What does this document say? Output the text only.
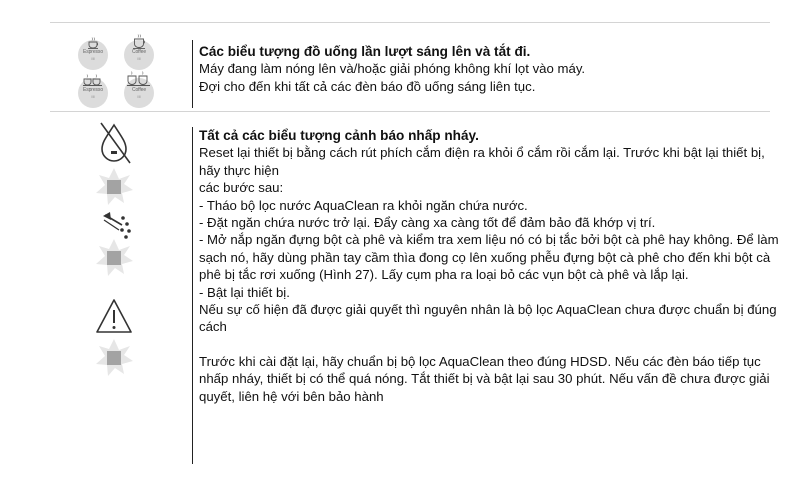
Espresso
III
Coffee
III
Espresso
III
Coffee
III

Các biểu tượng đồ uống lần lượt sáng lên và tắt đi.

Máy đang làm nóng lên và/hoặc giải phóng không khí lọt vào máy.

Đợi cho đến khi tất cả các đèn báo đồ uống sáng liên tục.

Tất cả các biểu tượng cảnh báo nhấp nháy.

Reset lại thiết bị bằng cách rút phích cắm điện ra khỏi ổ cắm rồi cắm lại. Trước khi bật lại thiết bị, hãy thực hiện

các bước sau:

- Tháo bộ lọc nước AquaClean ra khỏi ngăn chứa nước.

- Đặt ngăn chứa nước trở lại. Đẩy càng xa càng tốt để đảm bảo đã khớp vị trí.

- Mở nắp ngăn đựng bột cà phê và kiểm tra xem liệu nó có bị tắc bởi bột cà phê hay không. Để làm sạch nó, hãy dùng phần tay cầm thìa đong cọ lên xuống phễu đựng bột cà phê cho đến khi bột cà phê bị tắc rơi xuống (Hình 27). Lấy cụm pha ra loại bỏ các vụn bột cà phê và lắp lại.

- Bật lại thiết bị.

Nếu sự cố hiện đã được giải quyết thì nguyên nhân là bộ lọc AquaClean chưa được chuẩn bị đúng cách

Trước khi cài đặt lại, hãy chuẩn bị bộ lọc AquaClean theo đúng HDSD. Nếu các đèn báo tiếp tục nhấp nháy, thiết bị có thể quá nóng. Tắt thiết bị và bật lại sau 30 phút. Nếu vấn đề chưa được giải quyết, liên hệ với bên bảo hành
